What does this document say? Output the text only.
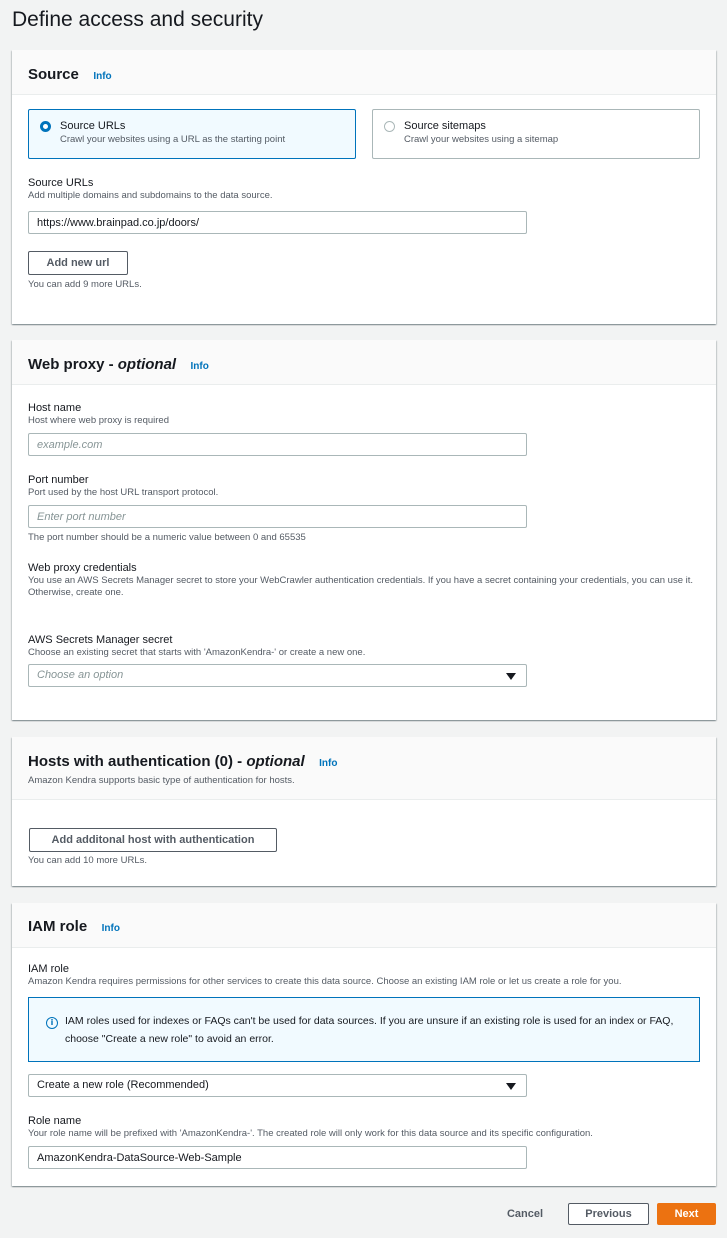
Define access and security
Source Info
Source URLs
Crawl your websites using a URL as the starting point
Source sitemaps
Crawl your websites using a sitemap
Source URLs
Add multiple domains and subdomains to the data source.
https://www.brainpad.co.jp/doors/
Add new url
You can add 9 more URLs.
Web proxy - optional Info
Host name
Host where web proxy is required
example.com
Port number
Port used by the host URL transport protocol.
Enter port number
The port number should be a numeric value between 0 and 65535
Web proxy credentials
You use an AWS Secrets Manager secret to store your WebCrawler authentication credentials. If you have a secret containing your credentials, you can use it. Otherwise, create one.
AWS Secrets Manager secret
Choose an existing secret that starts with 'AmazonKendra-' or create a new one.
Choose an option
Hosts with authentication (0) - optional Info
Amazon Kendra supports basic type of authentication for hosts.
Add additonal host with authentication
You can add 10 more URLs.
IAM role Info
IAM role
Amazon Kendra requires permissions for other services to create this data source. Choose an existing IAM role or let us create a role for you.
i	IAM roles used for indexes or FAQs can't be used for data sources. If you are unsure if an existing role is used for an index or FAQ, choose "Create a new role" to avoid an error.
Create a new role (Recommended)
Role name
Your role name will be prefixed with 'AmazonKendra-'. The created role will only work for this data source and its specific configuration.
AmazonKendra-DataSource-Web-Sample
Cancel	Previous	Next
